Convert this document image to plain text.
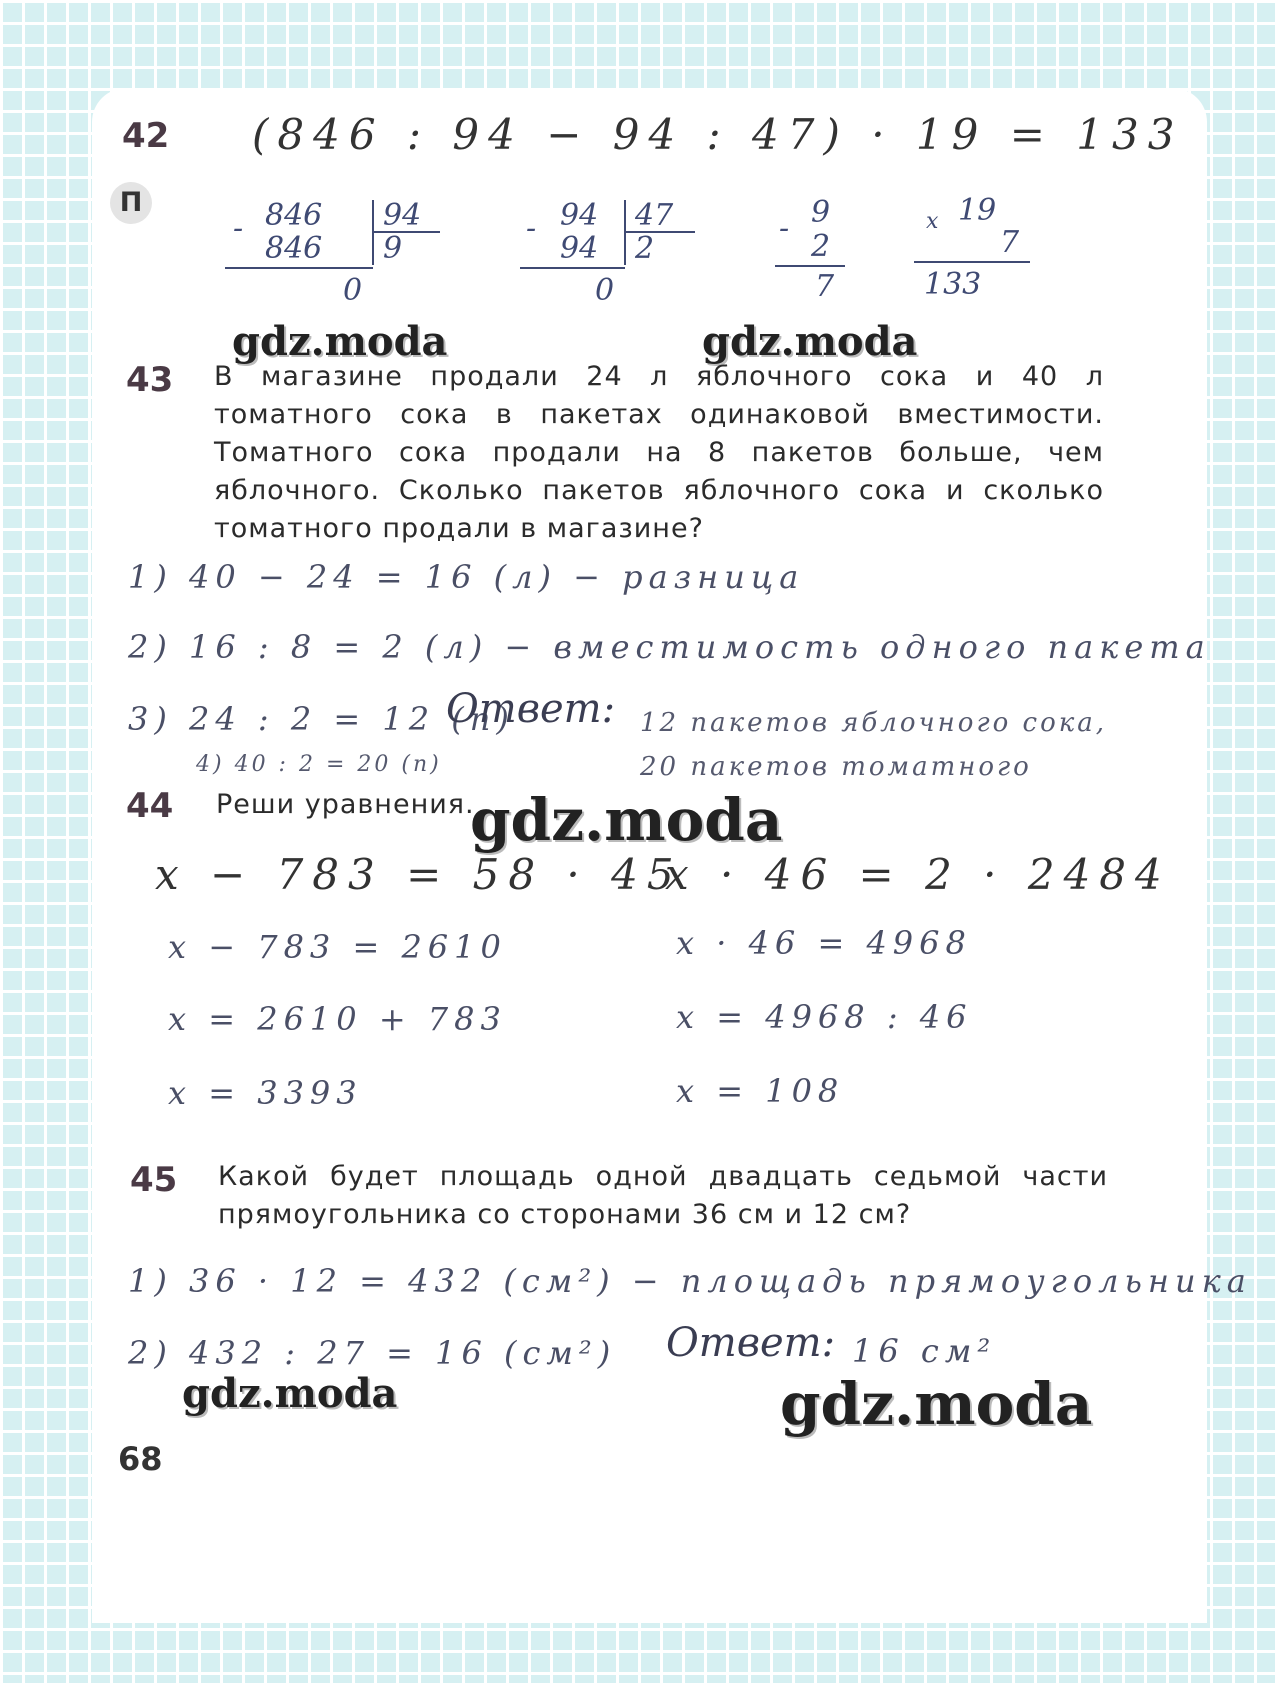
42 (846 : 94 − 94 : 47) · 19 = 133
П
- 846 94
846 9
0
- 94 47
94 2
0
- 9
2
7
x 19
7
133
gdz.moda	gdz.moda
43 В магазине продали 24 л яблочного сока и 40 л томатного сока в пакетах одинаковой вместимости. Томатного сока продали на 8 пакетов больше, чем яблочного. Сколько пакетов яблочного сока и сколько томатного продали в магазине?
1) 40 − 24 = 16 (л) − разница
2) 16 : 8 = 2 (л) − вместимость одного пакета
3) 24 : 2 = 12 (п)
4) 40 : 2 = 20 (п)
Ответ: 12 пакетов яблочного сока,
20 пакетов томатного
44 Реши уравнения.
gdz.moda
x − 783 = 58 · 45
x − 783 = 2610
x = 2610 + 783
x = 3393
x · 46 = 2 · 2484
x · 46 = 4968
x = 4968 : 46
x = 108
45 Какой будет площадь одной двадцать седьмой части прямоугольника со сторонами 36 см и 12 см?
1) 36 · 12 = 432 (см²) − площадь прямоугольника
2) 432 : 27 = 16 (см²) Ответ: 16 см²
gdz.moda	gdz.moda
68
